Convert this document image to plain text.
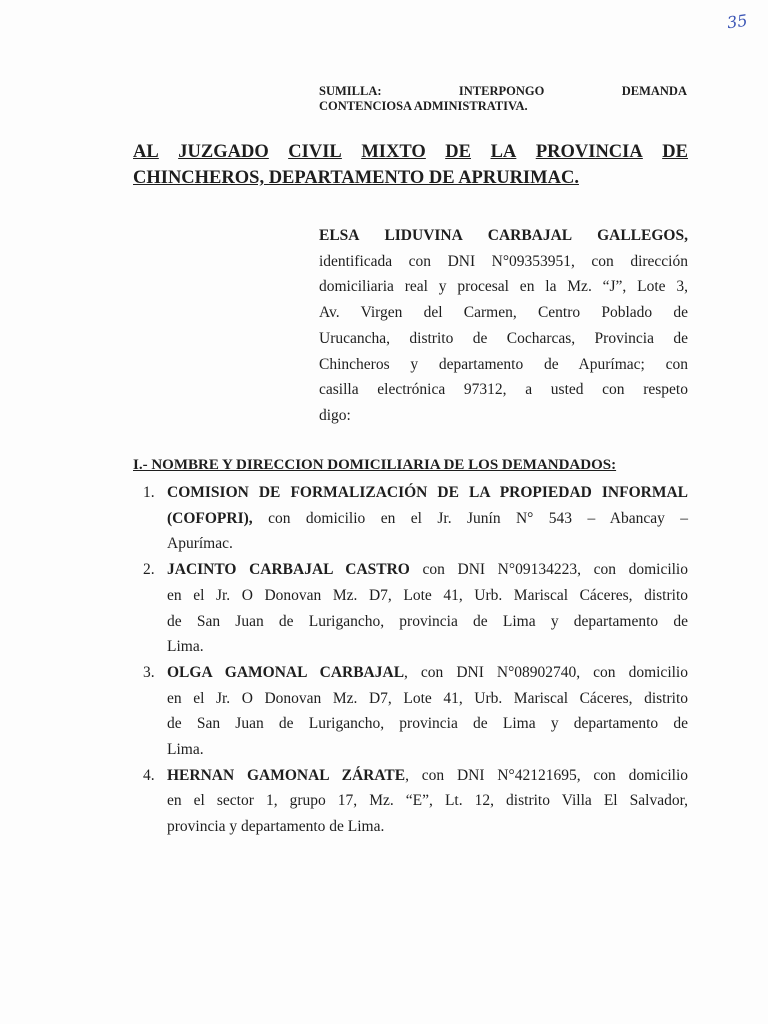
35
SUMILLA:	INTERPONGO	DEMANDA
CONTENCIOSA ADMINISTRATIVA.
AL JUZGADO CIVIL MIXTO DE LA PROVINCIA DE
CHINCHEROS, DEPARTAMENTO DE APRURIMAC.
ELSA LIDUVINA CARBAJAL GALLEGOS,
identificada con DNI N°09353951, con dirección
domiciliaria real y procesal en la Mz. “J”, Lote 3,
Av. Virgen del Carmen, Centro Poblado de
Urucancha, distrito de Cocharcas, Provincia de
Chincheros y departamento de Apurímac; con
casilla electrónica 97312, a usted con respeto
digo:
I.- NOMBRE Y DIRECCION DOMICILIARIA DE LOS DEMANDADOS:
1. COMISION DE FORMALIZACIÓN DE LA PROPIEDAD INFORMAL
(COFOPRI), con domicilio en el Jr. Junín N° 543 – Abancay –
Apurímac.
2. JACINTO CARBAJAL CASTRO con DNI N°09134223, con domicilio
en el Jr. O Donovan Mz. D7, Lote 41, Urb. Mariscal Cáceres, distrito
de San Juan de Lurigancho, provincia de Lima y departamento de
Lima.
3. OLGA GAMONAL CARBAJAL, con DNI N°08902740, con domicilio
en el Jr. O Donovan Mz. D7, Lote 41, Urb. Mariscal Cáceres, distrito
de San Juan de Lurigancho, provincia de Lima y departamento de
Lima.
4. HERNAN GAMONAL ZÁRATE, con DNI N°42121695, con domicilio
en el sector 1, grupo 17, Mz. “E”, Lt. 12, distrito Villa El Salvador,
provincia y departamento de Lima.
